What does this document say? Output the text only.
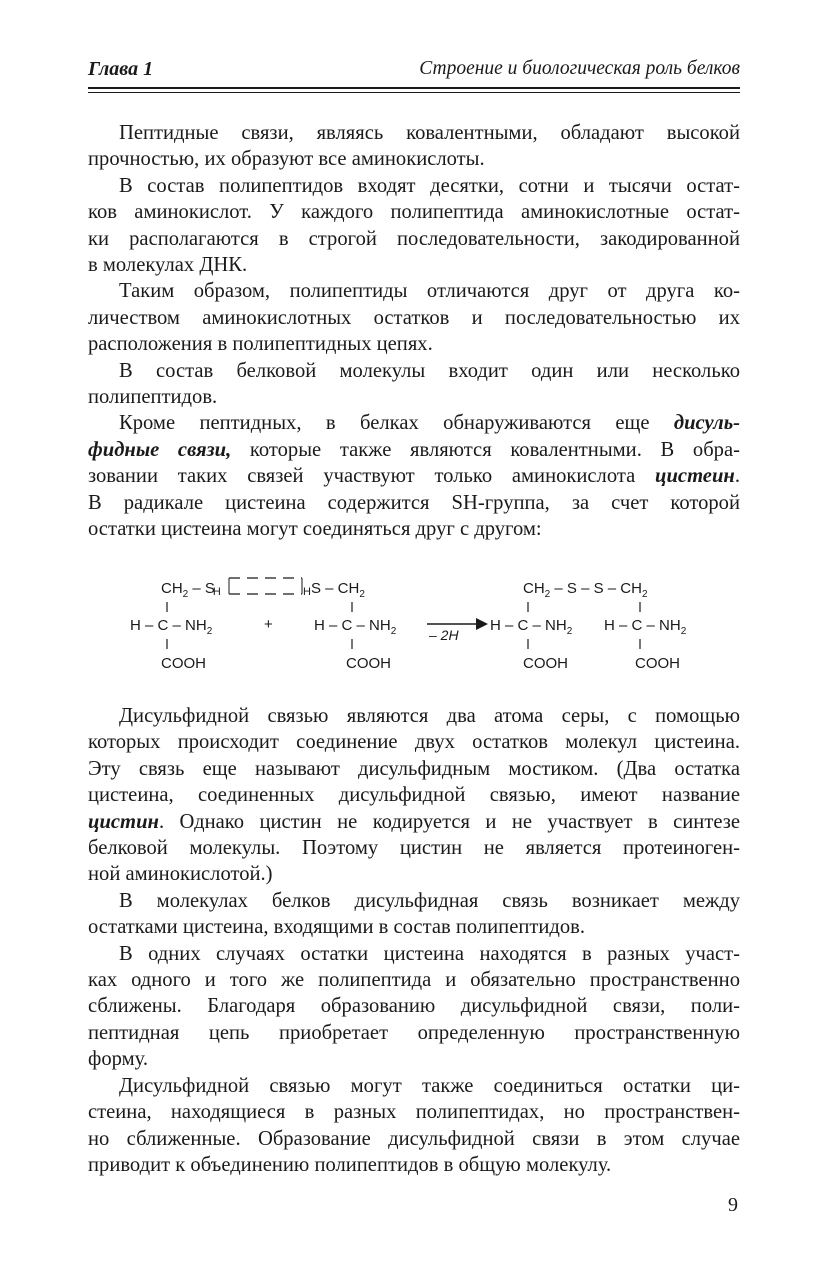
Глава 1	Строение и биологическая роль белков

Пептидные связи, являясь ковалентными, обладают высокой
прочностью, их образуют все аминокислоты.

В состав полипептидов входят десятки, сотни и тысячи остат-
ков аминокислот. У каждого полипептида аминокислотные остат-
ки располагаются в строгой последовательности, закодированной
в молекулах ДНК.

Таким образом, полипептиды отличаются друг от друга ко-
личеством аминокислотных остатков и последовательностью их
расположения в полипептидных цепях.

В состав белковой молекулы входит один или несколько
полипептидов.

Кроме пептидных, в белках обнаруживаются еще дисуль-
фидные связи, которые также являются ковалентными. В обра-
зовании таких связей участвуют только аминокислота цистеин.
В радикале цистеина содержится SH-группа, за счет которой
остатки цистеина могут соединяться друг с другом:

$CH_2$ – SH
H – C – $NH_2$
COOH
+
HS – $CH_2$
H – C – $NH_2$
COOH
– 2H
$CH_2$ – S – S – $CH_2$
H – C – $NH_2$ H – C – $NH_2$
COOH	COOH

Дисульфидной связью являются два атома серы, с помощью
которых происходит соединение двух остатков молекул цистеина.
Эту связь еще называют дисульфидным мостиком. (Два остатка
цистеина, соединенных дисульфидной связью, имеют название
цистин. Однако цистин не кодируется и не участвует в синтезе
белковой молекулы. Поэтому цистин не является протеиноген-
ной аминокислотой.)

В молекулах белков дисульфидная связь возникает между
остатками цистеина, входящими в состав полипептидов.

В одних случаях остатки цистеина находятся в разных участ-
ках одного и того же полипептида и обязательно пространственно
сближены. Благодаря образованию дисульфидной связи, поли-
пептидная цепь приобретает определенную пространственную
форму.

Дисульфидной связью могут также соединиться остатки ци-
стеина, находящиеся в разных полипептидах, но пространствен-
но сближенные. Образование дисульфидной связи в этом случае
приводит к объединению полипептидов в общую молекулу.

9
